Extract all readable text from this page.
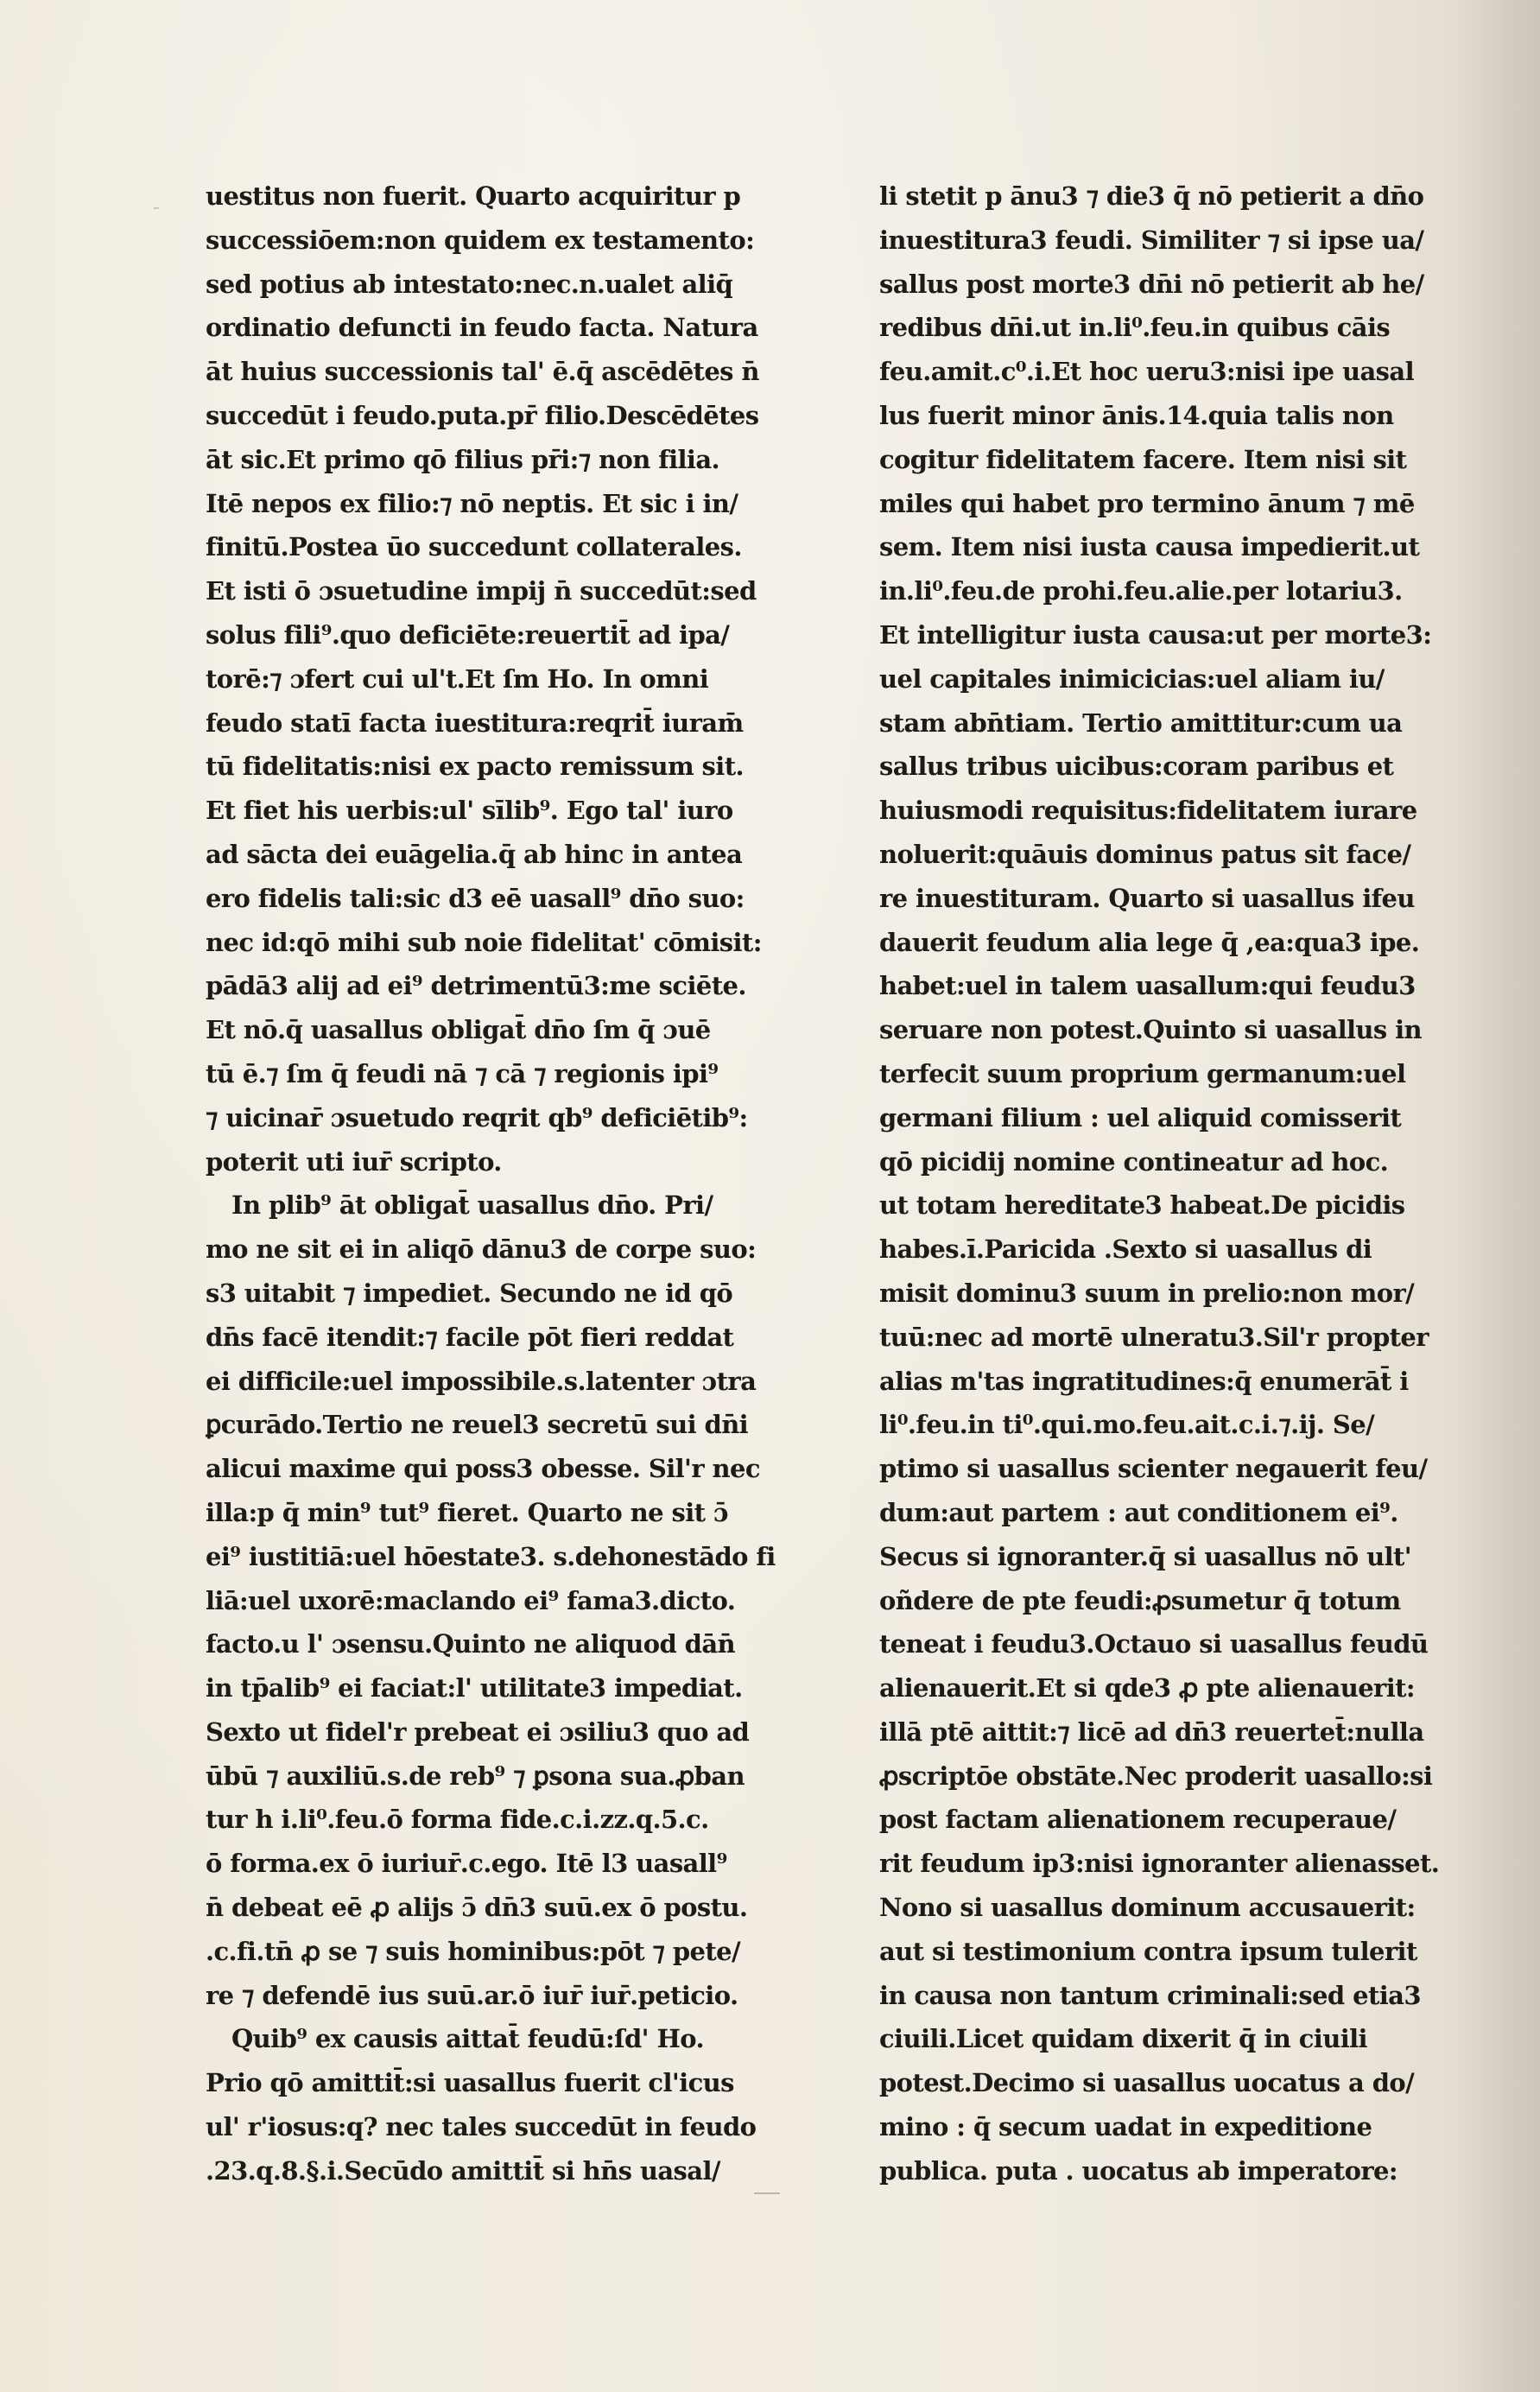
uestitus non fuerit. Quarto acquiritur p
successiōem:non quidem ex testamento:
sed potius ab intestato:nec.n.ualet aliq̄
ordinatio defuncti in feudo facta. Natura
āt huius successionis tal' ē.q̄ ascēdētes n̄
succedūt i feudo.puta.pr̄ filio.Descēdētes
āt sic.Et primo qō filius pr̄i:⁊ non filia.
Itē nepos ex filio:⁊ nō neptis. Et sic i in/
finitū.Postea ūo succedunt collaterales.
Et isti ō ɔsuetudine impij n̄ succedūt:sed
solus fili⁹.quo deficiēte:reuertit̄ ad ipa/
torē:⁊ ɔfert cui ul't.Et ſm Ho. In omni
feudo statī facta iuestitura:reqrit̄ iuram̄
tū fidelitatis:nisi ex pacto remissum sit.
Et fiet his uerbis:ul' sīlib⁹. Ego tal' iuro
ad sācta dei euāgelia.q̄ ab hinc in antea
ero fidelis tali:sic d3 eē uasall⁹ dn̄o suo:
nec id:qō mihi sub noie fidelitat' cōmisit:
pādā3 alij ad ei⁹ detrimentū3:me sciēte.
Et nō.q̄ uasallus obligat̄ dn̄o ſm q̄ ɔuē
tū ē.⁊ ſm q̄ feudi nā ⁊ cā ⁊ regionis ipi⁹
⁊ uicinar̄ ɔsuetudo reqrit qb⁹ deficiētib⁹:
poterit uti iur̄ scripto.
In plib⁹ āt obligat̄ uasallus dn̄o. Pri/
mo ne sit ei in aliqō dānu3 de corpe suo:
s3 uitabit ⁊ impediet. Secundo ne id qō
dn̄s facē itendit:⁊ facile pōt fieri reddat
ei difficile:uel impossibile.s.latenter ɔtra
ꝑcurādo.Tertio ne reuel3 secretū sui dn̄i
alicui maxime qui poss3 obesse. Sil'r nec
illa:p q̄ min⁹ tut⁹ fieret. Quarto ne sit ɔ̄
ei⁹ iustitiā:uel hōestate3. s.dehonestādo fi
liā:uel uxorē:maclando ei⁹ fama3.dicto.
facto.u l' ɔsensu.Quinto ne aliquod dān̄
in tp̄alib⁹ ei faciat:l' utilitate3 impediat.
Sexto ut fidel'r prebeat ei ɔsiliu3 quo ad
ūbū ⁊ auxiliū.s.de reb⁹ ⁊ ꝑsona sua.ꝓban
tur h i.li⁰.feu.ō forma fide.c.i.zz.q.5.c.
ō forma.ex ō iuriur̄.c.ego. Itē l3 uasall⁹
n̄ debeat eē ꝓ alijs ɔ̄ dn̄3 suū.ex ō postu.
.c.fi.tn̄ ꝓ se ⁊ suis hominibus:pōt ⁊ pete/
re ⁊ defendē ius suū.ar.ō iur̄ iur̄.peticio.
Quib⁹ ex causis aittat̄ feudū:ſd' Ho.
Prio qō amittit̄:si uasallus fuerit cl'icus
ul' r'iosus:q? nec tales succedūt in feudo
.23.q.8.§.i.Secūdo amittit̄ si hn̄s uasal/
li stetit p ānu3 ⁊ die3 q̄ nō petierit a dn̄o
inuestitura3 feudi. Similiter ⁊ si ipse ua/
sallus post morte3 dn̄i nō petierit ab he/
redibus dn̄i.ut in.li⁰.feu.in quibus cāis
feu.amit.c⁰.i.Et hoc ueru3:nisi ipe uasal
lus fuerit minor ānis.14.quia talis non
cogitur fidelitatem facere. Item nisi sit
miles qui habet pro termino ānum ⁊ mē
sem. Item nisi iusta causa impedierit.ut
in.li⁰.feu.de prohi.feu.alie.per lotariu3.
Et intelligitur iusta causa:ut per morte3:
uel capitales inimicicias:uel aliam iu/
stam abn̄tiam. Tertio amittitur:cum ua
sallus tribus uicibus:coram paribus et
huiusmodi requisitus:fidelitatem iurare
noluerit:quāuis dominus patus sit face/
re inuestituram. Quarto si uasallus ifeu
dauerit feudum alia lege q̄ ,ea:qua3 ipe.
habet:uel in talem uasallum:qui feudu3
seruare non potest.Quinto si uasallus in
terfecit suum proprium germanum:uel
germani filium : uel aliquid comisserit
qō picidij nomine contineatur ad hoc.
ut totam hereditate3 habeat.De picidis
habes.ī.Paricida .Sexto si uasallus di
misit dominu3 suum in prelio:non mor/
tuū:nec ad mortē ulneratu3.Sil'r propter
alias m'tas ingratitudines:q̄ enumerāt̄ i
li⁰.feu.in ti⁰.qui.mo.feu.ait.c.i.⁊.ij. Se/
ptimo si uasallus scienter negauerit feu/
dum:aut partem : aut conditionem ei⁹.
Secus si ignoranter.q̄ si uasallus nō ult'
oñdere de pte feudi:ꝓsumetur q̄ totum
teneat i feudu3.Octauo si uasallus feudū
alienauerit.Et si qde3 ꝓ pte alienauerit:
illā ptē aittit:⁊ licē ad dn̄3 reuertet̄:nulla
ꝓscriptōe obstāte.Nec proderit uasallo:si
post factam alienationem recuperaue/
rit feudum ip3:nisi ignoranter alienasset.
Nono si uasallus dominum accusauerit:
aut si testimonium contra ipsum tulerit
in causa non tantum criminali:sed etia3
ciuili.Licet quidam dixerit q̄ in ciuili
potest.Decimo si uasallus uocatus a do/
mino : q̄ secum uadat in expeditione
publica. puta . uocatus ab imperatore:
